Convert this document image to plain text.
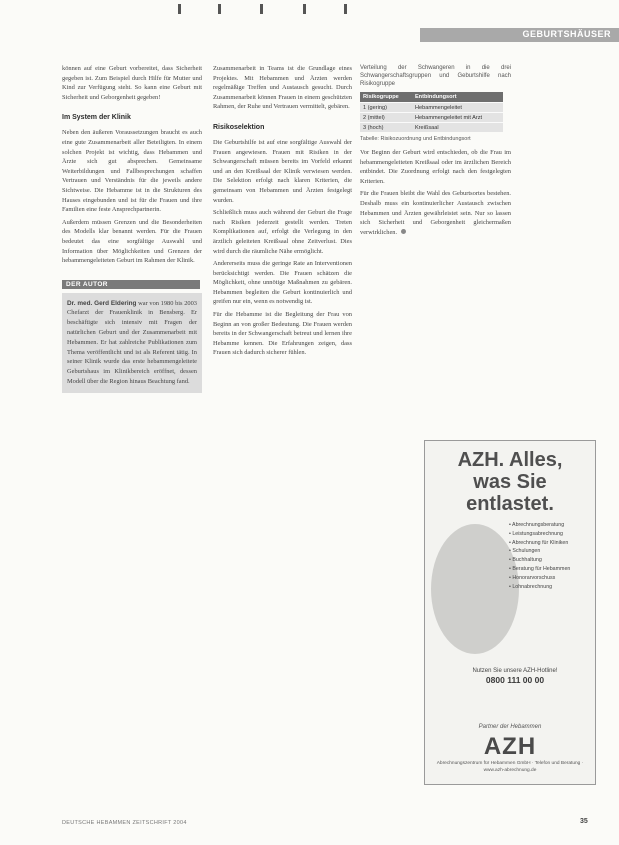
GEBURTSHÄUSER

können auf eine Geburt vorbereitet, dass Sicherheit gegeben ist. Zum Beispiel durch Hilfe für Mutter und Kind zur Verfügung steht. So kann eine Geburt mit Sicherheit und Geborgenheit gegeben!

Im System der Klinik

Neben den äußeren Voraussetzungen braucht es auch eine gute Zusammenarbeit aller Beteiligten. In einem solchen Projekt ist wichtig, dass Hebammen und Ärzte sich gut absprechen. Gemeinsame Weiterbildungen und Fallbesprechungen schaffen Vertrauen und Verständnis für die jeweils andere Sichtweise. Die Hebamme ist in die Strukturen des Hauses eingebunden und ist für die Frauen und ihre Familien eine feste Ansprechpartnerin.

Außerdem müssen Grenzen und die Besonderheiten des Modells klar benannt werden. Für die Frauen bedeutet das eine sorgfältige Auswahl und Information über Möglichkeiten und Grenzen der hebammengeleiteten Geburt im Rahmen der Klinik.

DER AUTOR
Dr. med. Gerd Eldering war von 1980 bis 2003 Chefarzt der Frauenklinik in Bensberg. Er beschäftigte sich intensiv mit Fragen der natürlichen Geburt und der Zusammenarbeit mit Hebammen. Er hat zahlreiche Publikationen zum Thema veröffentlicht und ist als Referent tätig. In seiner Klinik wurde das erste hebammengeleitete Geburtshaus im Klinikbereich eröffnet, dessen Modell über die Region hinaus Beachtung fand.

Zusammenarbeit in Teams ist die Grundlage eines Projektes. Mit Hebammen und Ärzten werden regelmäßige Treffen und Austausch gesucht. Durch Zusammenarbeit können Frauen in einem geschützten Rahmen, der Ruhe und Vertrauen vermittelt, gebären.

Risikoselektion

Die Geburtshilfe ist auf eine sorgfältige Auswahl der Frauen angewiesen. Frauen mit Risiken in der Schwangerschaft müssen bereits im Vorfeld erkannt und an den Kreißsaal der Klinik verwiesen werden. Die Selektion erfolgt nach klaren Kriterien, die gemeinsam von Hebammen und Ärzten festgelegt wurden.

Schließlich muss auch während der Geburt die Frage nach Risiken jederzeit gestellt werden. Treten Komplikationen auf, erfolgt die Verlegung in den ärztlich geleiteten Kreißsaal ohne Zeitverlust. Dies wird durch die räumliche Nähe ermöglicht.

Andererseits muss die geringe Rate an Interventionen berücksichtigt werden. Die Frauen schätzen die Möglichkeit, ohne unnötige Maßnahmen zu gebären. Hebammen begleiten die Geburt kontinuierlich und greifen nur ein, wenn es notwendig ist.

Für die Hebamme ist die Begleitung der Frau von Beginn an von großer Bedeutung. Die Frauen werden bereits in der Schwangerschaft betreut und lernen ihre Hebamme kennen. Die Erfahrungen zeigen, dass Frauen sich dadurch sicherer fühlen.

Verteilung der Schwangeren in die drei Schwangerschaftsgruppen und Geburtshilfe nach Risikogruppe
Risikogruppe	Entbindungsort
1 (gering)	Hebammengeleitet
2 (mittel)	Hebammengeleitet mit Arzt
3 (hoch)	Kreißsaal
Tabelle: Risikozuordnung und Entbindungsort

Vor Beginn der Geburt wird entschieden, ob die Frau im hebammengeleiteten Kreißsaal oder im ärztlichen Bereich entbindet. Die Zuordnung erfolgt nach den festgelegten Kriterien.

Für die Frauen bleibt die Wahl des Geburtsortes bestehen. Deshalb muss ein kontinuierlicher Austausch zwischen Hebammen und Ärzten gewährleistet sein. Nur so lassen sich Sicherheit und Geborgenheit gleichermaßen verwirklichen.

AZH. Alles,
was Sie
entlastet.
• Abrechnungsberatung
• Leistungsabrechnung
• Abrechnung für Kliniken
• Schulungen
• Buchhaltung
• Beratung für Hebammen
• Honorarvorschuss
• Lohnabrechnung
Nutzen Sie unsere AZH-Hotline!
0800 111 00 00
Partner der Hebammen
AZH
Abrechnungszentrum für Hebammen GmbH · Telefon und Beratung · www.azh-abrechnung.de
DEUTSCHE HEBAMMEN ZEITSCHRIFT 2004	35
